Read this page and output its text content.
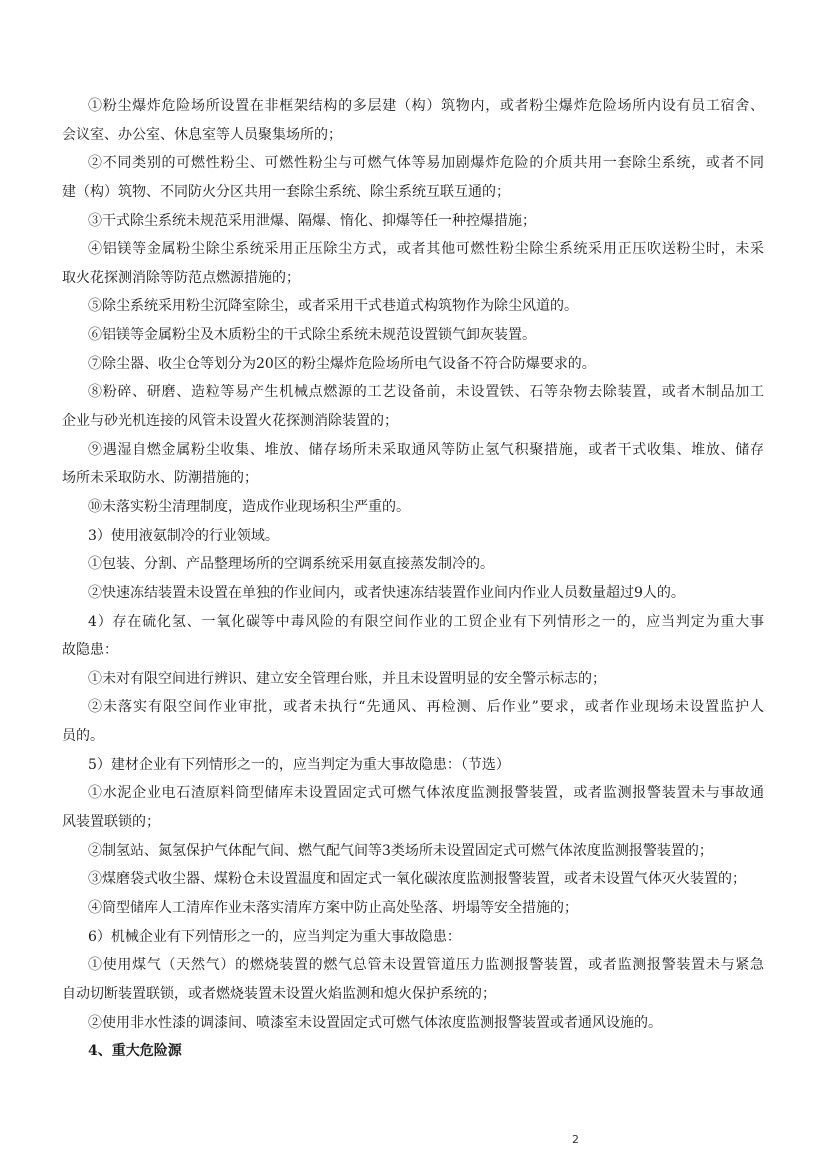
①粉尘爆炸危险场所设置在非框架结构的多层建（构）筑物内，或者粉尘爆炸危险场所内设有员工宿舍、
会议室、办公室、休息室等人员聚集场所的；
②不同类别的可燃性粉尘、可燃性粉尘与可燃气体等易加剧爆炸危险的介质共用一套除尘系统，或者不同
建（构）筑物、不同防火分区共用一套除尘系统、除尘系统互联互通的；
③干式除尘系统未规范采用泄爆、隔爆、惰化、抑爆等任一种控爆措施；
④铝镁等金属粉尘除尘系统采用正压除尘方式，或者其他可燃性粉尘除尘系统采用正压吹送粉尘时，未采
取火花探测消除等防范点燃源措施的；
⑤除尘系统采用粉尘沉降室除尘，或者采用干式巷道式构筑物作为除尘风道的。
⑥铝镁等金属粉尘及木质粉尘的干式除尘系统未规范设置锁气卸灰装置。
⑦除尘器、收尘仓等划分为20区的粉尘爆炸危险场所电气设备不符合防爆要求的。
⑧粉碎、研磨、造粒等易产生机械点燃源的工艺设备前，未设置铁、石等杂物去除装置，或者木制品加工
企业与砂光机连接的风管未设置火花探测消除装置的；
⑨遇湿自燃金属粉尘收集、堆放、储存场所未采取通风等防止氢气积聚措施，或者干式收集、堆放、储存
场所未采取防水、防潮措施的；
⑩未落实粉尘清理制度，造成作业现场积尘严重的。
3）使用液氨制冷的行业领域。
①包装、分割、产品整理场所的空调系统采用氨直接蒸发制冷的。
②快速冻结装置未设置在单独的作业间内，或者快速冻结装置作业间内作业人员数量超过9人的。
4）存在硫化氢、一氧化碳等中毒风险的有限空间作业的工贸企业有下列情形之一的，应当判定为重大事
故隐患：
①未对有限空间进行辨识、建立安全管理台账，并且未设置明显的安全警示标志的；
②未落实有限空间作业审批，或者未执行“先通风、再检测、后作业”要求，或者作业现场未设置监护人
员的。
5）建材企业有下列情形之一的，应当判定为重大事故隐患：（节选）
①水泥企业电石渣原料筒型储库未设置固定式可燃气体浓度监测报警装置，或者监测报警装置未与事故通
风装置联锁的；
②制氢站、氮氢保护气体配气间、燃气配气间等3类场所未设置固定式可燃气体浓度监测报警装置的；
③煤磨袋式收尘器、煤粉仓未设置温度和固定式一氧化碳浓度监测报警装置，或者未设置气体灭火装置的；
④筒型储库人工清库作业未落实清库方案中防止高处坠落、坍塌等安全措施的；
6）机械企业有下列情形之一的，应当判定为重大事故隐患：
①使用煤气（天然气）的燃烧装置的燃气总管未设置管道压力监测报警装置，或者监测报警装置未与紧急
自动切断装置联锁，或者燃烧装置未设置火焰监测和熄火保护系统的；
②使用非水性漆的调漆间、喷漆室未设置固定式可燃气体浓度监测报警装置或者通风设施的。
4、重大危险源
2
